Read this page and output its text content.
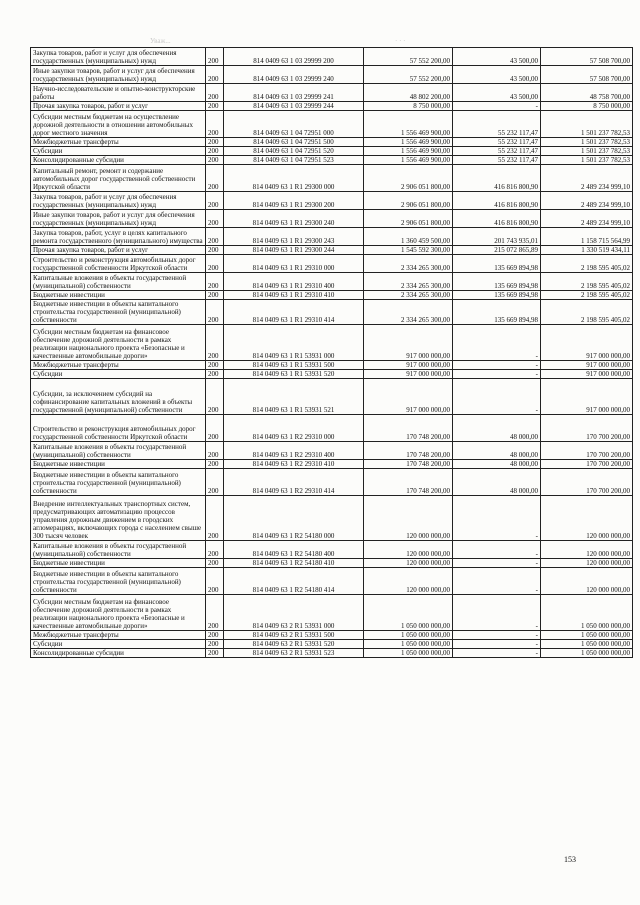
Уваж...	· · ·
Закупка товаров, работ и услуг для обеспечения государственных (муниципальных) нужд	200	814 0409 63 1 03 29999 200	57 552 200,00	43 500,00	57 508 700,00
Иные закупки товаров, работ и услуг для обеспечения государственных (муниципальных) нужд	200	814 0409 63 1 03 29999 240	57 552 200,00	43 500,00	57 508 700,00
Научно-исследовательские и опытно-конструкторские работы	200	814 0409 63 1 03 29999 241	48 802 200,00	43 500,00	48 758 700,00
Прочая закупка товаров, работ и услуг	200	814 0409 63 1 03 29999 244	8 750 000,00	-	8 750 000,00
Субсидии местным бюджетам на осуществление дорожной деятельности в отношении автомобильных дорог местного значения	200	814 0409 63 1 04 72951 000	1 556 469 900,00	55 232 117,47	1 501 237 782,53
Межбюджетные трансферты	200	814 0409 63 1 04 72951 500	1 556 469 900,00	55 232 117,47	1 501 237 782,53
Субсидии	200	814 0409 63 1 04 72951 520	1 556 469 900,00	55 232 117,47	1 501 237 782,53
Консолидированные субсидии	200	814 0409 63 1 04 72951 523	1 556 469 900,00	55 232 117,47	1 501 237 782,53
Капитальный ремонт, ремонт и содержание автомобильных дорог государственной собственности Иркутской области	200	814 0409 63 1 R1 29300 000	2 906 051 800,00	416 816 800,90	2 489 234 999,10
Закупка товаров, работ и услуг для обеспечения государственных (муниципальных) нужд	200	814 0409 63 1 R1 29300 200	2 906 051 800,00	416 816 800,90	2 489 234 999,10
Иные закупки товаров, работ и услуг для обеспечения государственных (муниципальных) нужд	200	814 0409 63 1 R1 29300 240	2 906 051 800,00	416 816 800,90	2 489 234 999,10
Закупка товаров, работ, услуг в целях капитального ремонта государственного (муниципального) имущества	200	814 0409 63 1 R1 29300 243	1 360 459 500,00	201 743 935,01	1 158 715 564,99
Прочая закупка товаров, работ и услуг	200	814 0409 63 1 R1 29300 244	1 545 592 300,00	215 072 865,89	1 330 519 434,11
Строительство и реконструкция автомобильных дорог государственной собственности Иркутской области	200	814 0409 63 1 R1 29310 000	2 334 265 300,00	135 669 894,98	2 198 595 405,02
Капитальные вложения в объекты государственной (муниципальной) собственности	200	814 0409 63 1 R1 29310 400	2 334 265 300,00	135 669 894,98	2 198 595 405,02
Бюджетные инвестиции	200	814 0409 63 1 R1 29310 410	2 334 265 300,00	135 669 894,98	2 198 595 405,02
Бюджетные инвестиции в объекты капитального строительства государственной (муниципальной) собственности	200	814 0409 63 1 R1 29310 414	2 334 265 300,00	135 669 894,98	2 198 595 405,02
Субсидии местным бюджетам на финансовое обеспечение дорожной деятельности в рамках реализации национального проекта «Безопасные и качественные автомобильные дороги»	200	814 0409 63 1 R1 53931 000	917 000 000,00	-	917 000 000,00
Межбюджетные трансферты	200	814 0409 63 1 R1 53931 500	917 000 000,00	-	917 000 000,00
Субсидии	200	814 0409 63 1 R1 53931 520	917 000 000,00	-	917 000 000,00
Субсидии, за исключением субсидий на софинансирование капитальных вложений в объекты государственной (муниципальной) собственности	200	814 0409 63 1 R1 53931 521	917 000 000,00	-	917 000 000,00
Строительство и реконструкция автомобильных дорог государственной собственности Иркутской области	200	814 0409 63 1 R2 29310 000	170 748 200,00	48 000,00	170 700 200,00
Капитальные вложения в объекты государственной (муниципальной) собственности	200	814 0409 63 1 R2 29310 400	170 748 200,00	48 000,00	170 700 200,00
Бюджетные инвестиции	200	814 0409 63 1 R2 29310 410	170 748 200,00	48 000,00	170 700 200,00
Бюджетные инвестиции в объекты капитального строительства государственной (муниципальной) собственности	200	814 0409 63 1 R2 29310 414	170 748 200,00	48 000,00	170 700 200,00
Внедрение интеллектуальных транспортных систем, предусматривающих автоматизацию процессов управления дорожным движением в городских агломерациях, включающих города с населением свыше 300 тысяч человек	200	814 0409 63 1 R2 54180 000	120 000 000,00	-	120 000 000,00
Капитальные вложения в объекты государственной (муниципальной) собственности	200	814 0409 63 1 R2 54180 400	120 000 000,00	-	120 000 000,00
Бюджетные инвестиции	200	814 0409 63 1 R2 54180 410	120 000 000,00	-	120 000 000,00
Бюджетные инвестиции в объекты капитального строительства государственной (муниципальной) собственности	200	814 0409 63 1 R2 54180 414	120 000 000,00	-	120 000 000,00
Субсидии местным бюджетам на финансовое обеспечение дорожной деятельности в рамках реализации национального проекта «Безопасные и качественные автомобильные дороги»	200	814 0409 63 2 R1 53931 000	1 050 000 000,00	-	1 050 000 000,00
Межбюджетные трансферты	200	814 0409 63 2 R1 53931 500	1 050 000 000,00	-	1 050 000 000,00
Субсидии	200	814 0409 63 2 R1 53931 520	1 050 000 000,00	-	1 050 000 000,00
Консолидированные субсидии	200	814 0409 63 2 R1 53931 523	1 050 000 000,00	-	1 050 000 000,00
153
